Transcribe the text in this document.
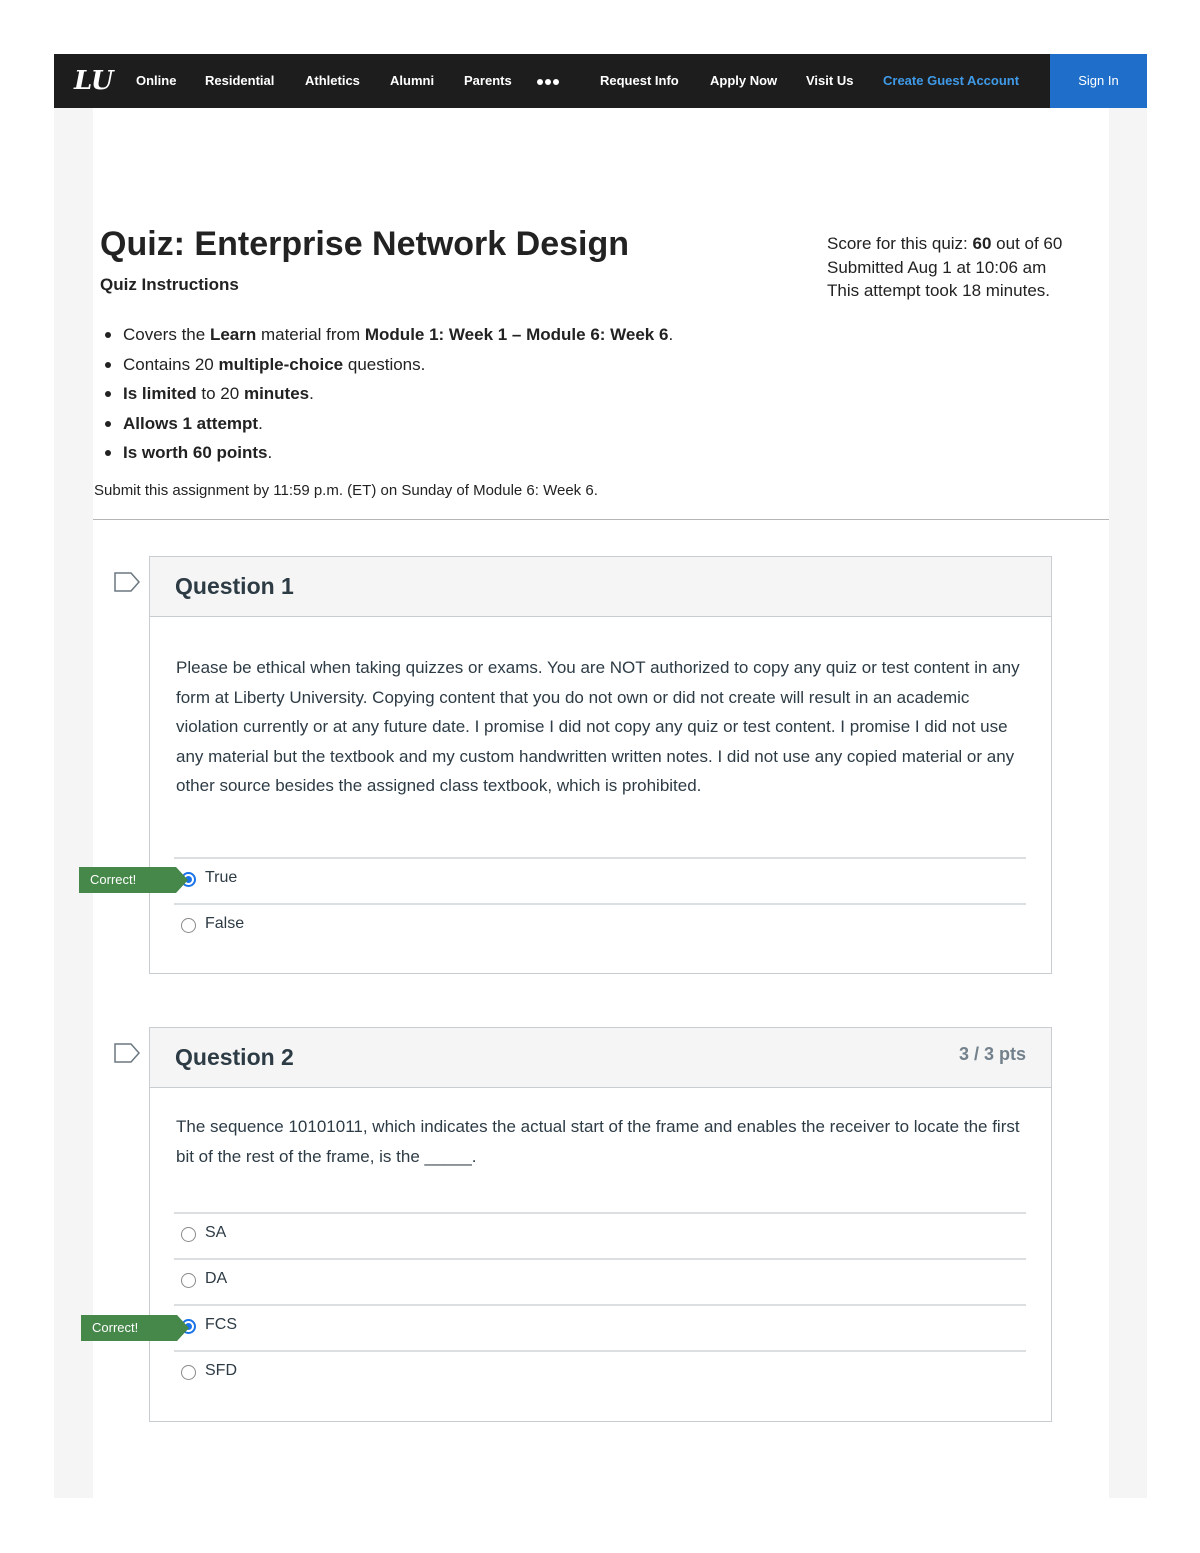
LU Online Residential Athletics Alumni Parents	Request Info Apply Now Visit Us Create Guest Account	Sign In
Quiz: Enterprise Network Design
Quiz Instructions
Score for this quiz: 60 out of 60
Submitted Aug 1 at 10:06 am
This attempt took 18 minutes.
Covers the Learn material from Module 1: Week 1 – Module 6: Week 6.
Contains 20 multiple-choice questions.
Is limited to 20 minutes.
Allows 1 attempt.
Is worth 60 points.
Submit this assignment by 11:59 p.m. (ET) on Sunday of Module 6: Week 6.
Question 1
Please be ethical when taking quizzes or exams. You are NOT authorized to copy any quiz or test content in any form at Liberty University. Copying content that you do not own or did not create will result in an academic violation currently or at any future date. I promise I did not copy any quiz or test content. I promise I did not use any material but the textbook and my custom handwritten written notes. I did not use any copied material or any other source besides the assigned class textbook, which is prohibited.
True
False
Correct!
Question 2	3 / 3 pts
The sequence 10101011, which indicates the actual start of the frame and enables the receiver to locate the first bit of the rest of the frame, is the _____.
SA
DA
FCS
SFD
Correct!
